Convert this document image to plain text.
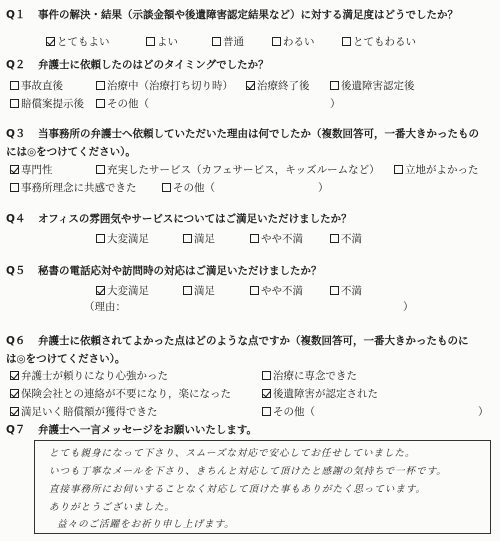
Q１ 事件の解決・結果（示談金額や後遺障害認定結果など）に対する満足度はどうでしたか？
とてもよい	よい	普通	わるい	とてもわるい
Q２ 弁護士に依頼したのはどのタイミングでしたか？
事故直後	治療中（治療打ち切り時）	治療終了後	後遺障害認定後
賠償案提示後	その他（	）
Q３ 当事務所の弁護士へ依頼していただいた理由は何でしたか（複数回答可，一番大きかったもの
には◎をつけてください）。
専門性	充実したサービス（カフェサービス，キッズルームなど）	立地がよかった
事務所理念に共感できた	その他（	）
Q４ オフィスの雰囲気やサービスについてはご満足いただけましたか？
大変満足	満足	やや不満	不満
Q５ 秘書の電話応対や訪問時の対応はご満足いただけましたか？
大変満足	満足	やや不満	不満
（理由：	）
Q６ 弁護士に依頼されてよかった点はどのような点ですか（複数回答可，一番大きかったものに
は◎をつけてください）。
弁護士が頼りになり心強かった	治療に専念できた
保険会社との連絡が不要になり，楽になった	後遺障害が認定された
満足いく賠償額が獲得できた	その他（	）
Q７ 弁護士へ一言メッセージをお願いいたします。
とても親身になって下さり、スムーズな対応で安心してお任せしていました。
いつも丁寧なメールを下さり、きちんと対応して頂けたと感謝の気持ちで一杯です。
直接事務所にお伺いすることなく対応して頂けた事もありがたく思っています。
ありがとうございました。
益々のご活躍をお祈り申し上げます。
